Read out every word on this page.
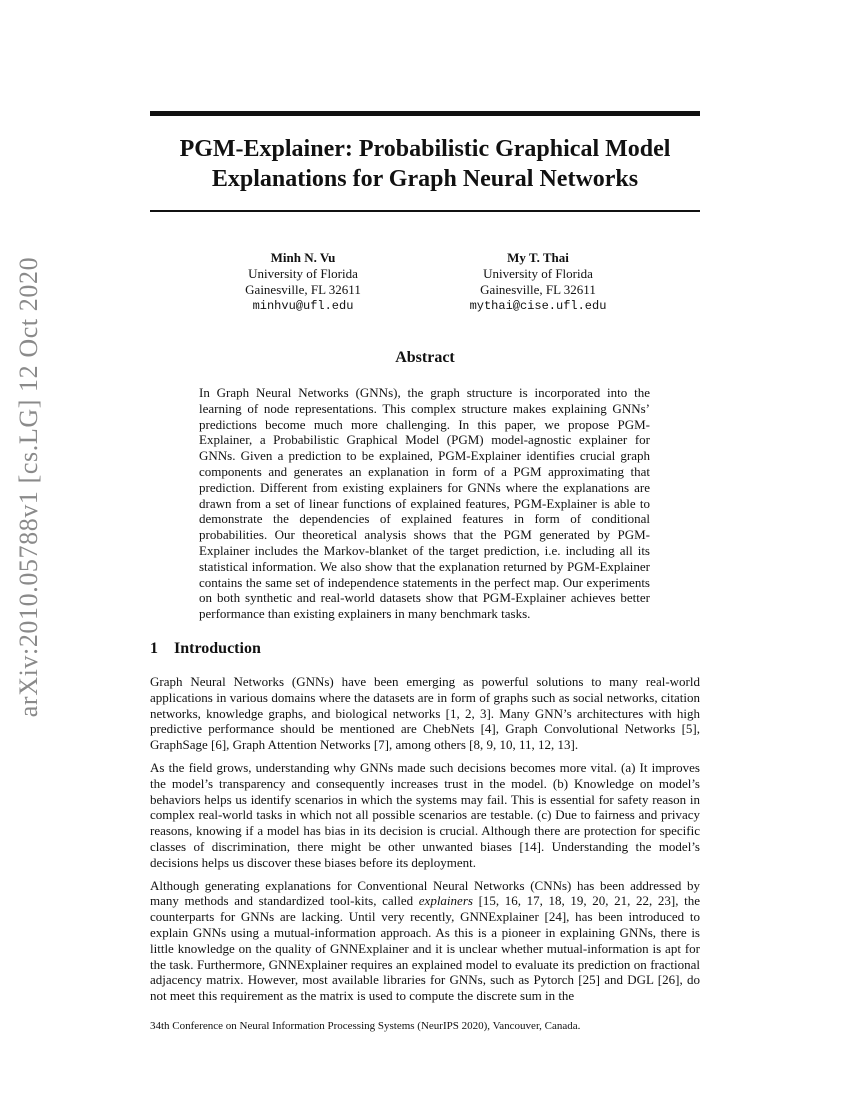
arXiv:2010.05788v1 [cs.LG] 12 Oct 2020
PGM-Explainer: Probabilistic Graphical Model
Explanations for Graph Neural Networks
Minh N. Vu
University of Florida
Gainesville, FL 32611
minhvu@ufl.edu
My T. Thai
University of Florida
Gainesville, FL 32611
mythai@cise.ufl.edu
Abstract

In Graph Neural Networks (GNNs), the graph structure is incorporated into the learning of node representations. This complex structure makes explaining GNNs’ predictions become much more challenging. In this paper, we propose PGM-Explainer, a Probabilistic Graphical Model (PGM) model-agnostic explainer for GNNs. Given a prediction to be explained, PGM-Explainer identifies crucial graph components and generates an explanation in form of a PGM approximating that prediction. Different from existing explainers for GNNs where the explanations are drawn from a set of linear functions of explained features, PGM-Explainer is able to demonstrate the dependencies of explained features in form of conditional probabilities. Our theoretical analysis shows that the PGM generated by PGM-Explainer includes the Markov-blanket of the target prediction, i.e. including all its statistical information. We also show that the explanation returned by PGM-Explainer contains the same set of independence statements in the perfect map. Our experiments on both synthetic and real-world datasets show that PGM-Explainer achieves better performance than existing explainers in many benchmark tasks.

1 Introduction

Graph Neural Networks (GNNs) have been emerging as powerful solutions to many real-world applications in various domains where the datasets are in form of graphs such as social networks, citation networks, knowledge graphs, and biological networks [1, 2, 3]. Many GNN’s architectures with high predictive performance should be mentioned are ChebNets [4], Graph Convolutional Networks [5], GraphSage [6], Graph Attention Networks [7], among others [8, 9, 10, 11, 12, 13].

As the field grows, understanding why GNNs made such decisions becomes more vital. (a) It improves the model’s transparency and consequently increases trust in the model. (b) Knowledge on model’s behaviors helps us identify scenarios in which the systems may fail. This is essential for safety reason in complex real-world tasks in which not all possible scenarios are testable. (c) Due to fairness and privacy reasons, knowing if a model has bias in its decision is crucial. Although there are protection for specific classes of discrimination, there might be other unwanted biases [14]. Understanding the model’s decisions helps us discover these biases before its deployment.

Although generating explanations for Conventional Neural Networks (CNNs) has been addressed by many methods and standardized tool-kits, called explainers [15, 16, 17, 18, 19, 20, 21, 22, 23], the counterparts for GNNs are lacking. Until very recently, GNNExplainer [24], has been introduced to explain GNNs using a mutual-information approach. As this is a pioneer in explaining GNNs, there is little knowledge on the quality of GNNExplainer and it is unclear whether mutual-information is apt for the task. Furthermore, GNNExplainer requires an explained model to evaluate its prediction on fractional adjacency matrix. However, most available libraries for GNNs, such as Pytorch [25] and DGL [26], do not meet this requirement as the matrix is used to compute the discrete sum in the

34th Conference on Neural Information Processing Systems (NeurIPS 2020), Vancouver, Canada.
